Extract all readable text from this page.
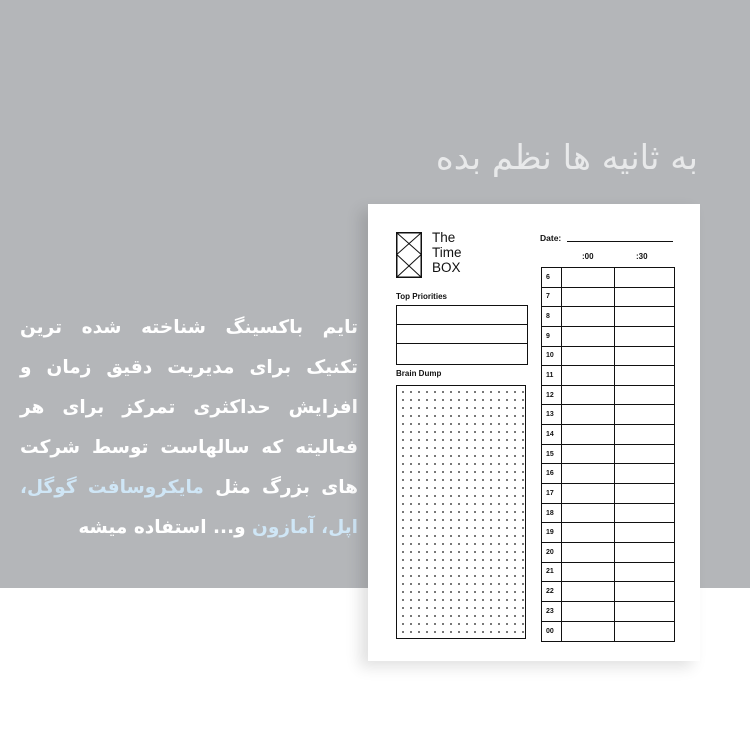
به ثانیه ها نظم بده
تایم باکسینگ شناخته شده ترین تکنیک برای مدیریت دقیق زمان و افزایش حداکثری تمرکز برای هر فعالیته که سالهاست توسط شرکت های بزرگ مثل مایکروسافت گوگل، اپل، آمازون و... استفاده میشه
The
Time
BOX
Date:
:00	:30
Top Priorities
Brain Dump
6
7
8
9
10
11
12
13
14
15
16
17
18
19
20
21
22
23
00
